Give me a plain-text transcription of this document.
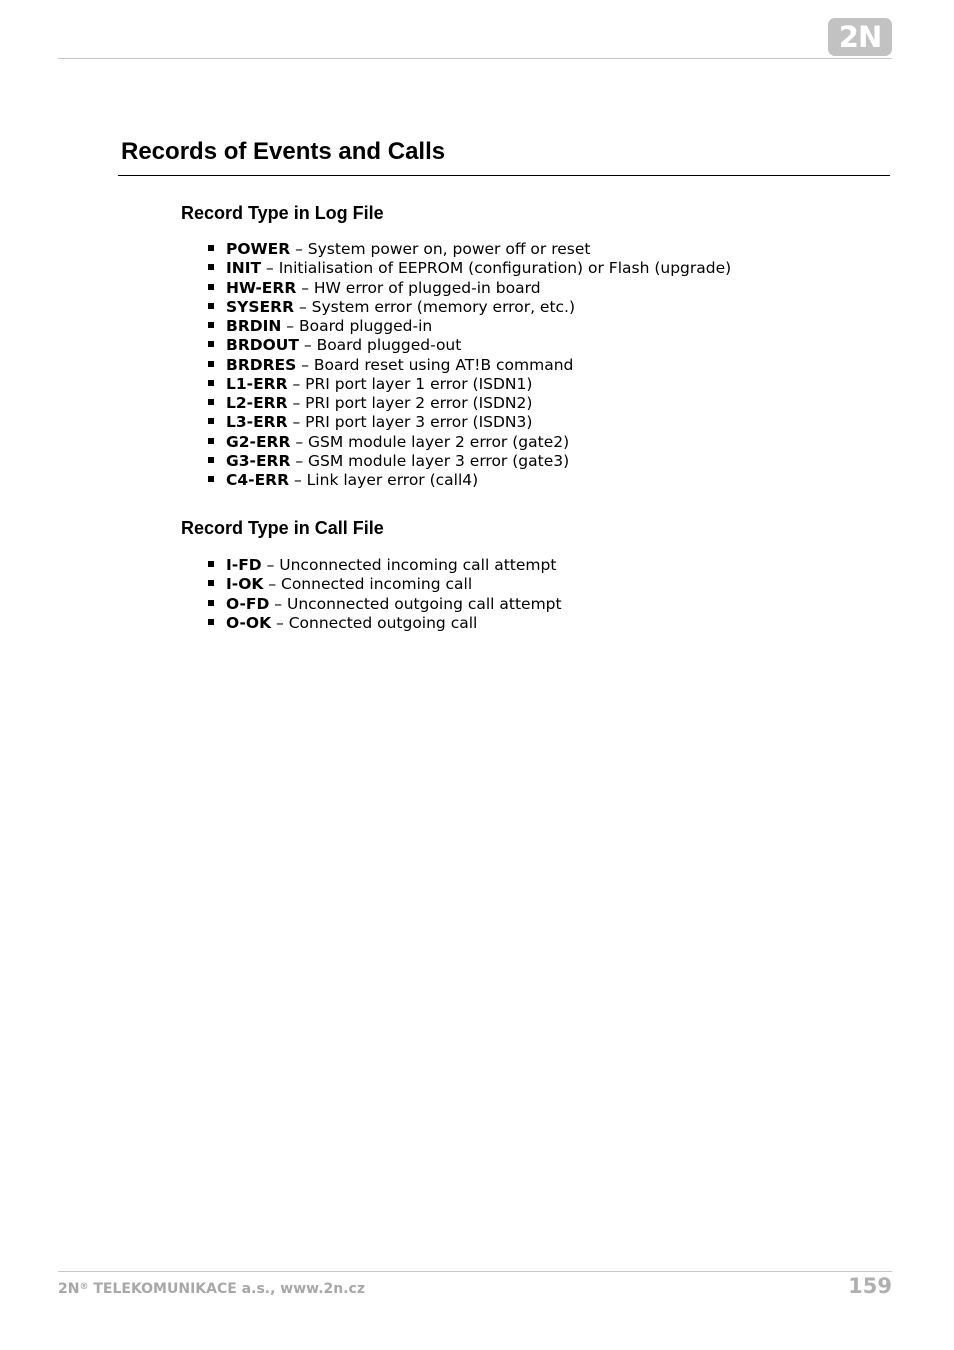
2N
Records of Events and Calls
Record Type in Log File
POWER – System power on, power off or reset
INIT – Initialisation of EEPROM (configuration) or Flash (upgrade)
HW-ERR – HW error of plugged-in board
SYSERR – System error (memory error, etc.)
BRDIN – Board plugged-in
BRDOUT – Board plugged-out
BRDRES – Board reset using AT!B command
L1-ERR – PRI port layer 1 error (ISDN1)
L2-ERR – PRI port layer 2 error (ISDN2)
L3-ERR – PRI port layer 3 error (ISDN3)
G2-ERR – GSM module layer 2 error (gate2)
G3-ERR – GSM module layer 3 error (gate3)
C4-ERR – Link layer error (call4)
Record Type in Call File
I-FD – Unconnected incoming call attempt
I-OK – Connected incoming call
O-FD – Unconnected outgoing call attempt
O-OK – Connected outgoing call
2N® TELEKOMUNIKACE a.s., www.2n.cz	159
